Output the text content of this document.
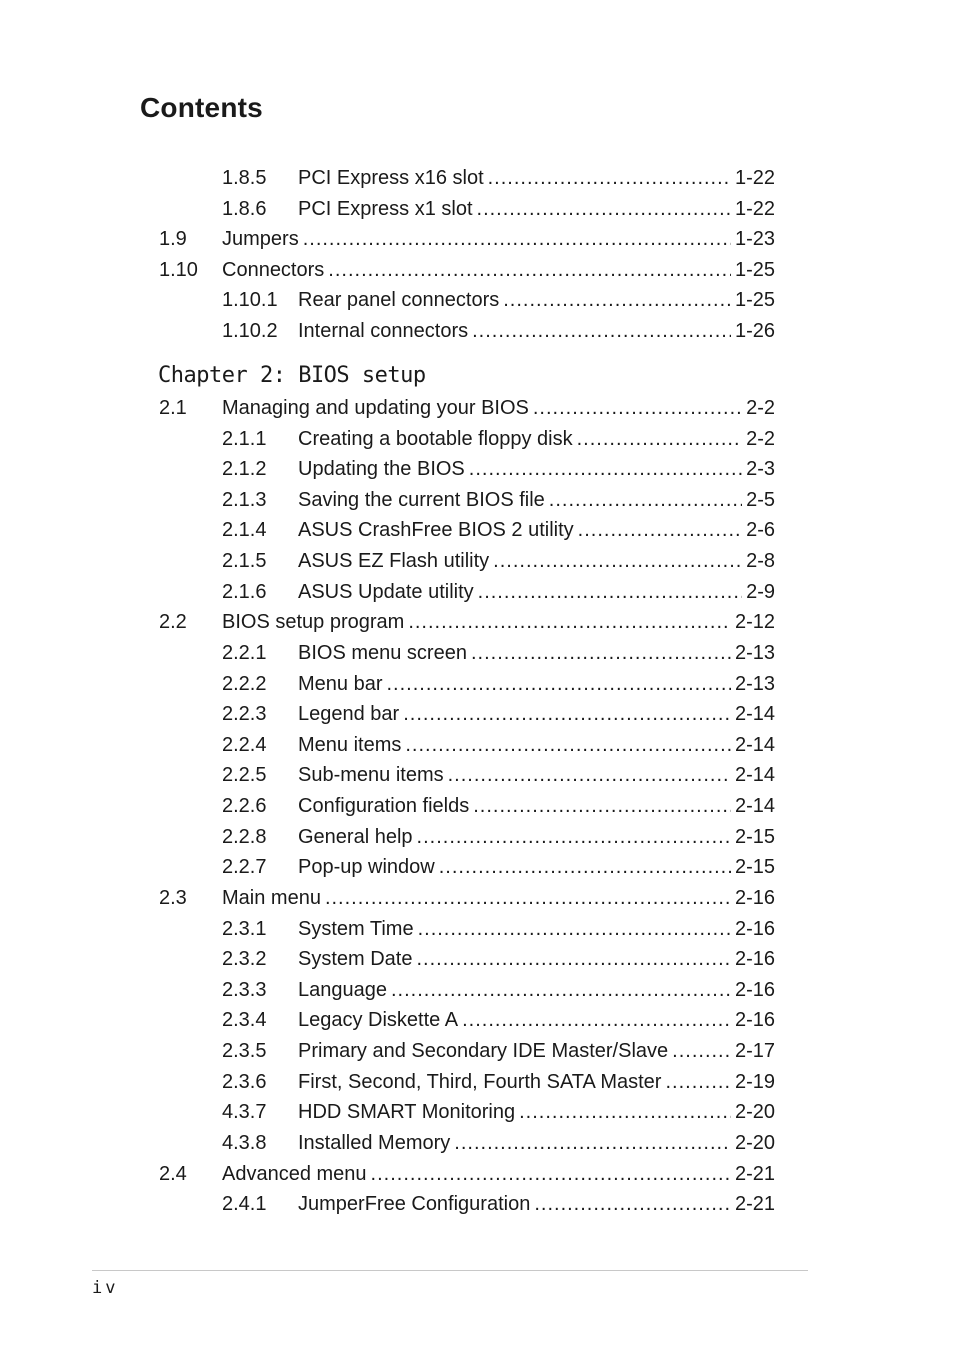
Contents
1.8.5 PCI Express x16 slot .....	1-22
1.8.6 PCI Express x1 slot .....	1-22
1.9 Jumpers .....	1-23
1.10 Connectors .....	1-25
1.10.1 Rear panel connectors .....	1-25
1.10.2 Internal connectors .....	1-26
Chapter 2: BIOS setup
2.1 Managing and updating your BIOS .....	2-2
2.1.1 Creating a bootable floppy disk .....	2-2
2.1.2 Updating the BIOS .....	2-3
2.1.3 Saving the current BIOS file .....	2-5
2.1.4 ASUS CrashFree BIOS 2 utility .....	2-6
2.1.5 ASUS EZ Flash utility .....	2-8
2.1.6 ASUS Update utility .....	2-9
2.2 BIOS setup program .....	2-12
2.2.1 BIOS menu screen .....	2-13
2.2.2 Menu bar .....	2-13
2.2.3 Legend bar .....	2-14
2.2.4 Menu items .....	2-14
2.2.5 Sub-menu items .....	2-14
2.2.6 Configuration fields .....	2-14
2.2.8 General help .....	2-15
2.2.7 Pop-up window .....	2-15
2.3 Main menu .....	2-16
2.3.1 System Time .....	2-16
2.3.2 System Date .....	2-16
2.3.3 Language .....	2-16
2.3.4 Legacy Diskette A .....	2-16
2.3.5 Primary and Secondary IDE Master/Slave .....	2-17
2.3.6 First, Second, Third, Fourth SATA Master .....	2-19
4.3.7 HDD SMART Monitoring .....	2-20
4.3.8 Installed Memory .....	2-20
2.4 Advanced menu .....	2-21
2.4.1 JumperFree Configuration .....	2-21
iv
